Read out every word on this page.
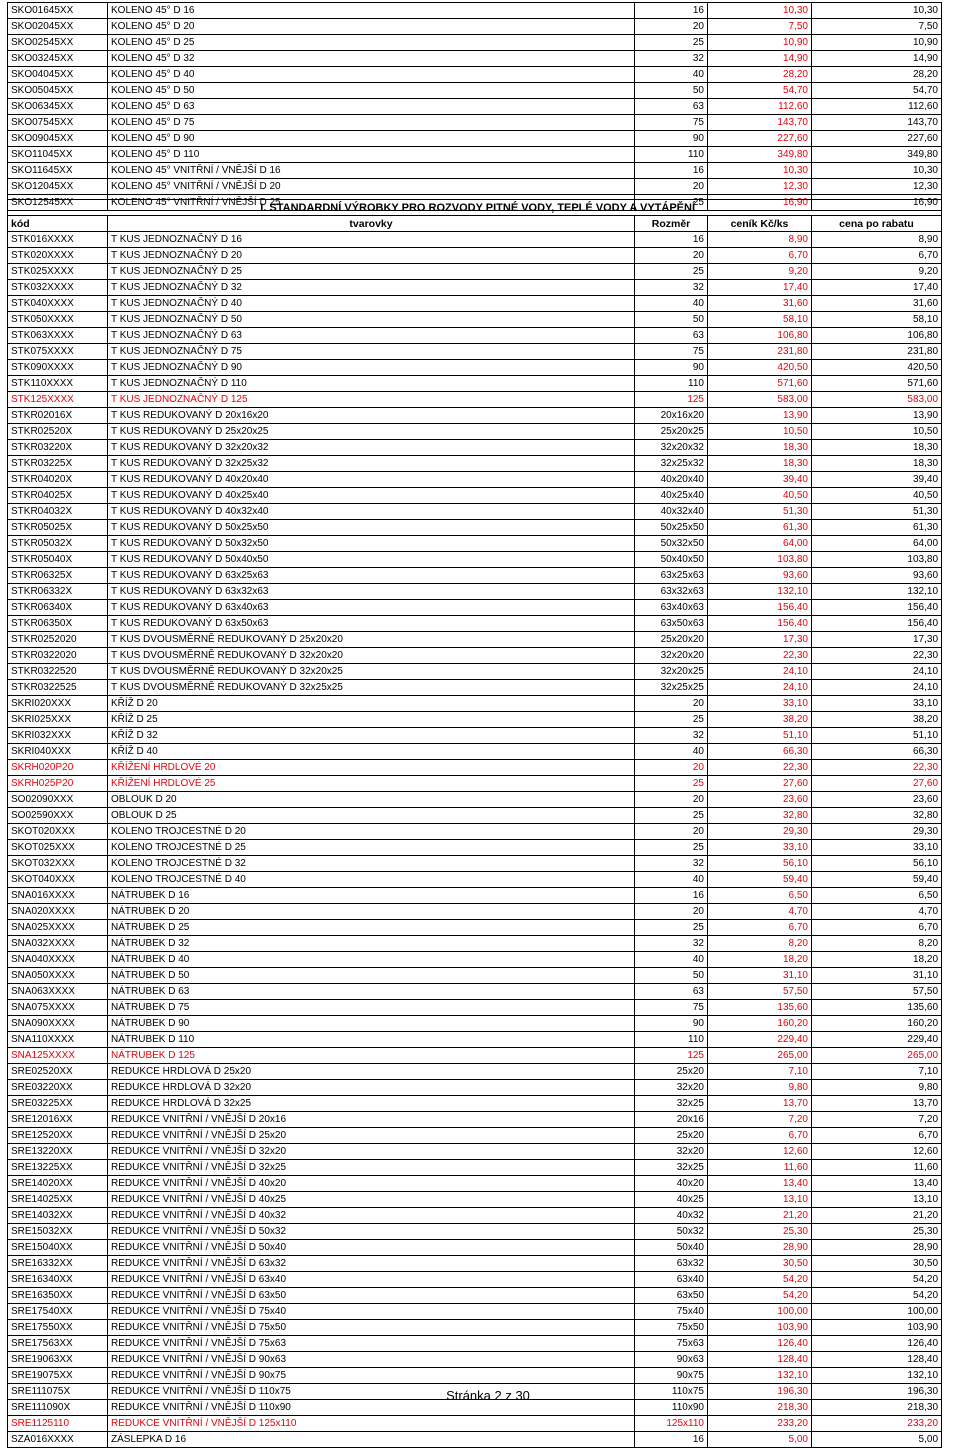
SKO01645XX	KOLENO 45° D 16	16	10,30	10,30
SKO02045XX	KOLENO 45° D 20	20	7,50	7,50
SKO02545XX	KOLENO 45° D 25	25	10,90	10,90
SKO03245XX	KOLENO 45° D 32	32	14,90	14,90
SKO04045XX	KOLENO 45° D 40	40	28,20	28,20
SKO05045XX	KOLENO 45° D 50	50	54,70	54,70
SKO06345XX	KOLENO 45° D 63	63	112,60	112,60
SKO07545XX	KOLENO 45° D 75	75	143,70	143,70
SKO09045XX	KOLENO 45° D 90	90	227,60	227,60
SKO11045XX	KOLENO 45° D 110	110	349,80	349,80
SKO11645XX	KOLENO 45° VNITŘNÍ / VNĚJŠÍ D 16	16	10,30	10,30
SKO12045XX	KOLENO 45° VNITŘNÍ / VNĚJŠÍ D 20	20	12,30	12,30
SKO12545XX	KOLENO 45° VNITŘNÍ / VNĚJŠÍ D 25	25	16,90	16,90
I. STANDARDNÍ VÝROBKY PRO ROZVODY PITNÉ VODY, TEPLÉ VODY A VYTÁPĚNÍ				
kód	tvarovky	Rozměr	ceník Kč/ks	cena po rabatu
STK016XXXX	T KUS JEDNOZNAČNÝ D 16	16	8,90	8,90
STK020XXXX	T KUS JEDNOZNAČNÝ D 20	20	6,70	6,70
STK025XXXX	T KUS JEDNOZNAČNÝ D 25	25	9,20	9,20
STK032XXXX	T KUS JEDNOZNAČNÝ D 32	32	17,40	17,40
STK040XXXX	T KUS JEDNOZNAČNÝ D 40	40	31,60	31,60
STK050XXXX	T KUS JEDNOZNAČNÝ D 50	50	58,10	58,10
STK063XXXX	T KUS JEDNOZNAČNÝ D 63	63	106,80	106,80
STK075XXXX	T KUS JEDNOZNAČNÝ D 75	75	231,80	231,80
STK090XXXX	T KUS JEDNOZNAČNÝ D 90	90	420,50	420,50
STK110XXXX	T KUS JEDNOZNAČNÝ D 110	110	571,60	571,60
STK125XXXX	T KUS JEDNOZNAČNÝ D 125	125	583,00	583,00
STKR02016X	T KUS REDUKOVANÝ D 20x16x20	20x16x20	13,90	13,90
STKR02520X	T KUS REDUKOVANÝ D 25x20x25	25x20x25	10,50	10,50
STKR03220X	T KUS REDUKOVANÝ D 32x20x32	32x20x32	18,30	18,30
STKR03225X	T KUS REDUKOVANÝ D 32x25x32	32x25x32	18,30	18,30
STKR04020X	T KUS REDUKOVANÝ D 40x20x40	40x20x40	39,40	39,40
STKR04025X	T KUS REDUKOVANÝ D 40x25x40	40x25x40	40,50	40,50
STKR04032X	T KUS REDUKOVANÝ D 40x32x40	40x32x40	51,30	51,30
STKR05025X	T KUS REDUKOVANÝ D 50x25x50	50x25x50	61,30	61,30
STKR05032X	T KUS REDUKOVANÝ D 50x32x50	50x32x50	64,00	64,00
STKR05040X	T KUS REDUKOVANÝ D 50x40x50	50x40x50	103,80	103,80
STKR06325X	T KUS REDUKOVANÝ D 63x25x63	63x25x63	93,60	93,60
STKR06332X	T KUS REDUKOVANÝ D 63x32x63	63x32x63	132,10	132,10
STKR06340X	T KUS REDUKOVANÝ D 63x40x63	63x40x63	156,40	156,40
STKR06350X	T KUS REDUKOVANÝ D 63x50x63	63x50x63	156,40	156,40
STKR0252020	T KUS DVOUSMĚRNĚ REDUKOVANÝ D 25x20x20	25x20x20	17,30	17,30
STKR0322020	T KUS DVOUSMĚRNĚ REDUKOVANÝ D 32x20x20	32x20x20	22,30	22,30
STKR0322520	T KUS DVOUSMĚRNĚ REDUKOVANÝ D 32x20x25	32x20x25	24,10	24,10
STKR0322525	T KUS DVOUSMĚRNĚ REDUKOVANÝ D 32x25x25	32x25x25	24,10	24,10
SKRI020XXX	KŘÍŽ D 20	20	33,10	33,10
SKRI025XXX	KŘÍŽ D 25	25	38,20	38,20
SKRI032XXX	KŘÍŽ D 32	32	51,10	51,10
SKRI040XXX	KŘÍŽ D 40	40	66,30	66,30
SKRH020P20	KŘÍŽENÍ HRDLOVÉ 20	20	22,30	22,30
SKRH025P20	KŘÍŽENÍ HRDLOVÉ 25	25	27,60	27,60
SO02090XXX	OBLOUK D 20	20	23,60	23,60
SO02590XXX	OBLOUK D 25	25	32,80	32,80
SKOT020XXX	KOLENO TROJCESTNÉ D 20	20	29,30	29,30
SKOT025XXX	KOLENO TROJCESTNÉ D 25	25	33,10	33,10
SKOT032XXX	KOLENO TROJCESTNÉ D 32	32	56,10	56,10
SKOT040XXX	KOLENO TROJCESTNÉ D 40	40	59,40	59,40
SNA016XXXX	NÁTRUBEK D 16	16	6,50	6,50
SNA020XXXX	NÁTRUBEK D 20	20	4,70	4,70
SNA025XXXX	NÁTRUBEK D 25	25	6,70	6,70
SNA032XXXX	NÁTRUBEK D 32	32	8,20	8,20
SNA040XXXX	NÁTRUBEK D 40	40	18,20	18,20
SNA050XXXX	NÁTRUBEK D 50	50	31,10	31,10
SNA063XXXX	NÁTRUBEK D 63	63	57,50	57,50
SNA075XXXX	NÁTRUBEK D 75	75	135,60	135,60
SNA090XXXX	NÁTRUBEK D 90	90	160,20	160,20
SNA110XXXX	NÁTRUBEK D 110	110	229,40	229,40
SNA125XXXX	NÁTRUBEK D 125	125	265,00	265,00
SRE02520XX	REDUKCE HRDLOVÁ D 25x20	25x20	7,10	7,10
SRE03220XX	REDUKCE HRDLOVÁ D 32x20	32x20	9,80	9,80
SRE03225XX	REDUKCE HRDLOVÁ D 32x25	32x25	13,70	13,70
SRE12016XX	REDUKCE VNITŘNÍ / VNĚJŠÍ D 20x16	20x16	7,20	7,20
SRE12520XX	REDUKCE VNITŘNÍ / VNĚJŠÍ D 25x20	25x20	6,70	6,70
SRE13220XX	REDUKCE VNITŘNÍ / VNĚJŠÍ D 32x20	32x20	12,60	12,60
SRE13225XX	REDUKCE VNITŘNÍ / VNĚJŠÍ D 32x25	32x25	11,60	11,60
SRE14020XX	REDUKCE VNITŘNÍ / VNĚJŠÍ D 40x20	40x20	13,40	13,40
SRE14025XX	REDUKCE VNITŘNÍ / VNĚJŠÍ D 40x25	40x25	13,10	13,10
SRE14032XX	REDUKCE VNITŘNÍ / VNĚJŠÍ D 40x32	40x32	21,20	21,20
SRE15032XX	REDUKCE VNITŘNÍ / VNĚJŠÍ D 50x32	50x32	25,30	25,30
SRE15040XX	REDUKCE VNITŘNÍ / VNĚJŠÍ D 50x40	50x40	28,90	28,90
SRE16332XX	REDUKCE VNITŘNÍ / VNĚJŠÍ D 63x32	63x32	30,50	30,50
SRE16340XX	REDUKCE VNITŘNÍ / VNĚJŠÍ D 63x40	63x40	54,20	54,20
SRE16350XX	REDUKCE VNITŘNÍ / VNĚJŠÍ D 63x50	63x50	54,20	54,20
SRE17540XX	REDUKCE VNITŘNÍ / VNĚJŠÍ D 75x40	75x40	100,00	100,00
SRE17550XX	REDUKCE VNITŘNÍ / VNĚJŠÍ D 75x50	75x50	103,90	103,90
SRE17563XX	REDUKCE VNITŘNÍ / VNĚJŠÍ D 75x63	75x63	126,40	126,40
SRE19063XX	REDUKCE VNITŘNÍ / VNĚJŠÍ D 90x63	90x63	128,40	128,40
SRE19075XX	REDUKCE VNITŘNÍ / VNĚJŠÍ D 90x75	90x75	132,10	132,10
SRE111075X	REDUKCE VNITŘNÍ / VNĚJŠÍ D 110x75	110x75	196,30	196,30
SRE111090X	REDUKCE VNITŘNÍ / VNĚJŠÍ D 110x90	110x90	218,30	218,30
SRE1125110	REDUKCE VNITŘNÍ / VNĚJŠÍ D 125x110	125x110	233,20	233,20
SZA016XXXX	ZÁSLEPKA D 16	16	5,00	5,00
Stránka 2 z 30
